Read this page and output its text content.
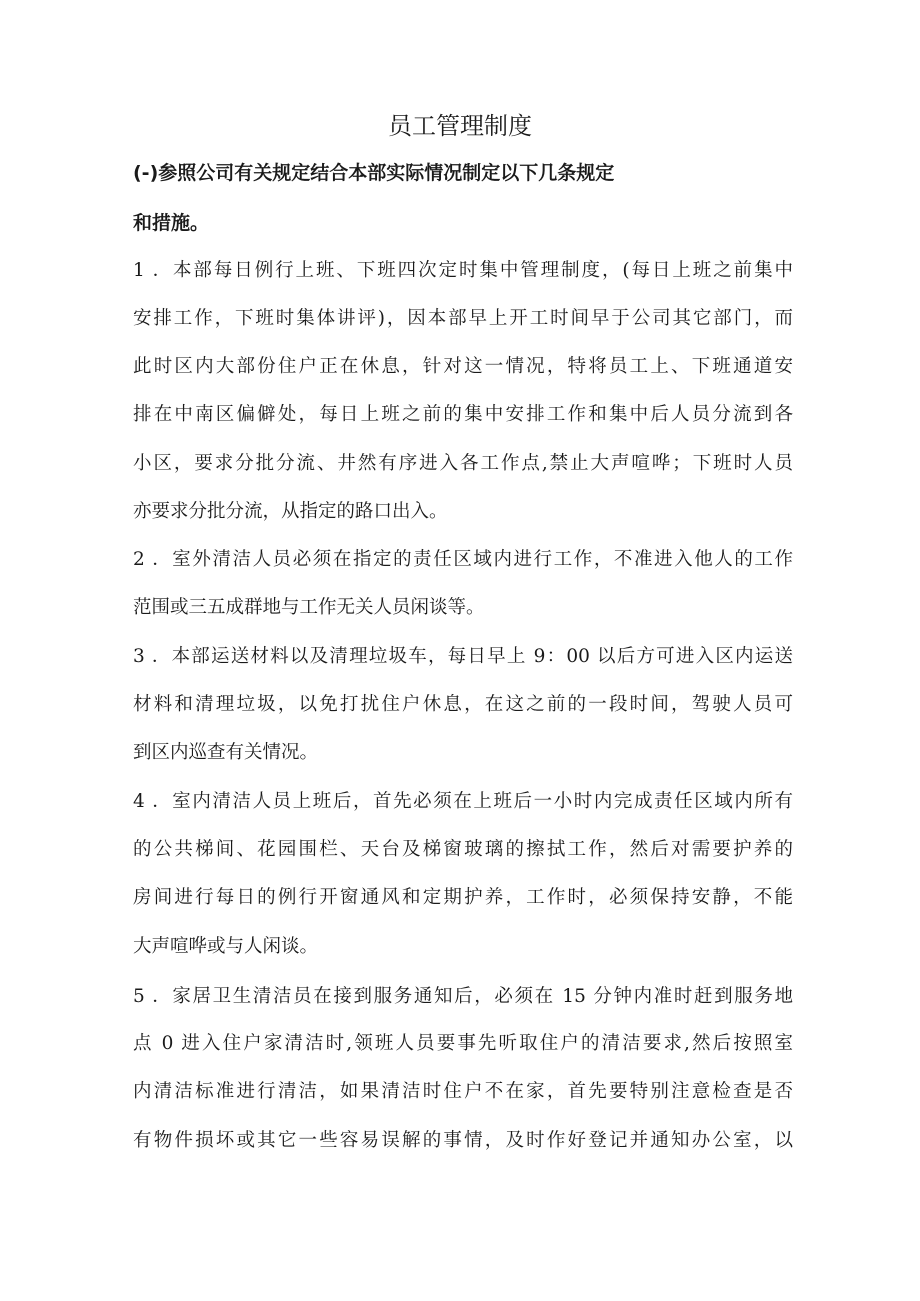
员工管理制度
(-)参照公司有关规定结合本部实际情况制定以下几条规定
和措施。
1 ．本部每日例行上班、下班四次定时集中管理制度，(每日上班之前集中
安排工作，下班时集体讲评)，因本部早上开工时间早于公司其它部门，而
此时区内大部份住户正在休息，针对这一情况，特将员工上、下班通道安
排在中南区偏僻处，每日上班之前的集中安排工作和集中后人员分流到各
小区，要求分批分流、井然有序进入各工作点,禁止大声喧哗；下班时人员
亦要求分批分流，从指定的路口出入。
2 ．室外清洁人员必须在指定的责任区域内进行工作，不准进入他人的工作
范围或三五成群地与工作无关人员闲谈等。
3 ．本部运送材料以及清理垃圾车，每日早上 9：00 以后方可进入区内运送
材料和清理垃圾，以免打扰住户休息，在这之前的一段时间，驾驶人员可
到区内巡查有关情况。
4 ．室内清洁人员上班后，首先必须在上班后一小时内完成责任区域内所有
的公共梯间、花园围栏、天台及梯窗玻璃的擦拭工作，然后对需要护养的
房间进行每日的例行开窗通风和定期护养，工作时，必须保持安静，不能
大声喧哗或与人闲谈。
5 ．家居卫生清洁员在接到服务通知后，必须在 15 分钟内准时赶到服务地
点 0 进入住户家清洁时,领班人员要事先听取住户的清洁要求,然后按照室
内清洁标准进行清洁，如果清洁时住户不在家，首先要特别注意检查是否
有物件损坏或其它一些容易误解的事情，及时作好登记并通知办公室，以
